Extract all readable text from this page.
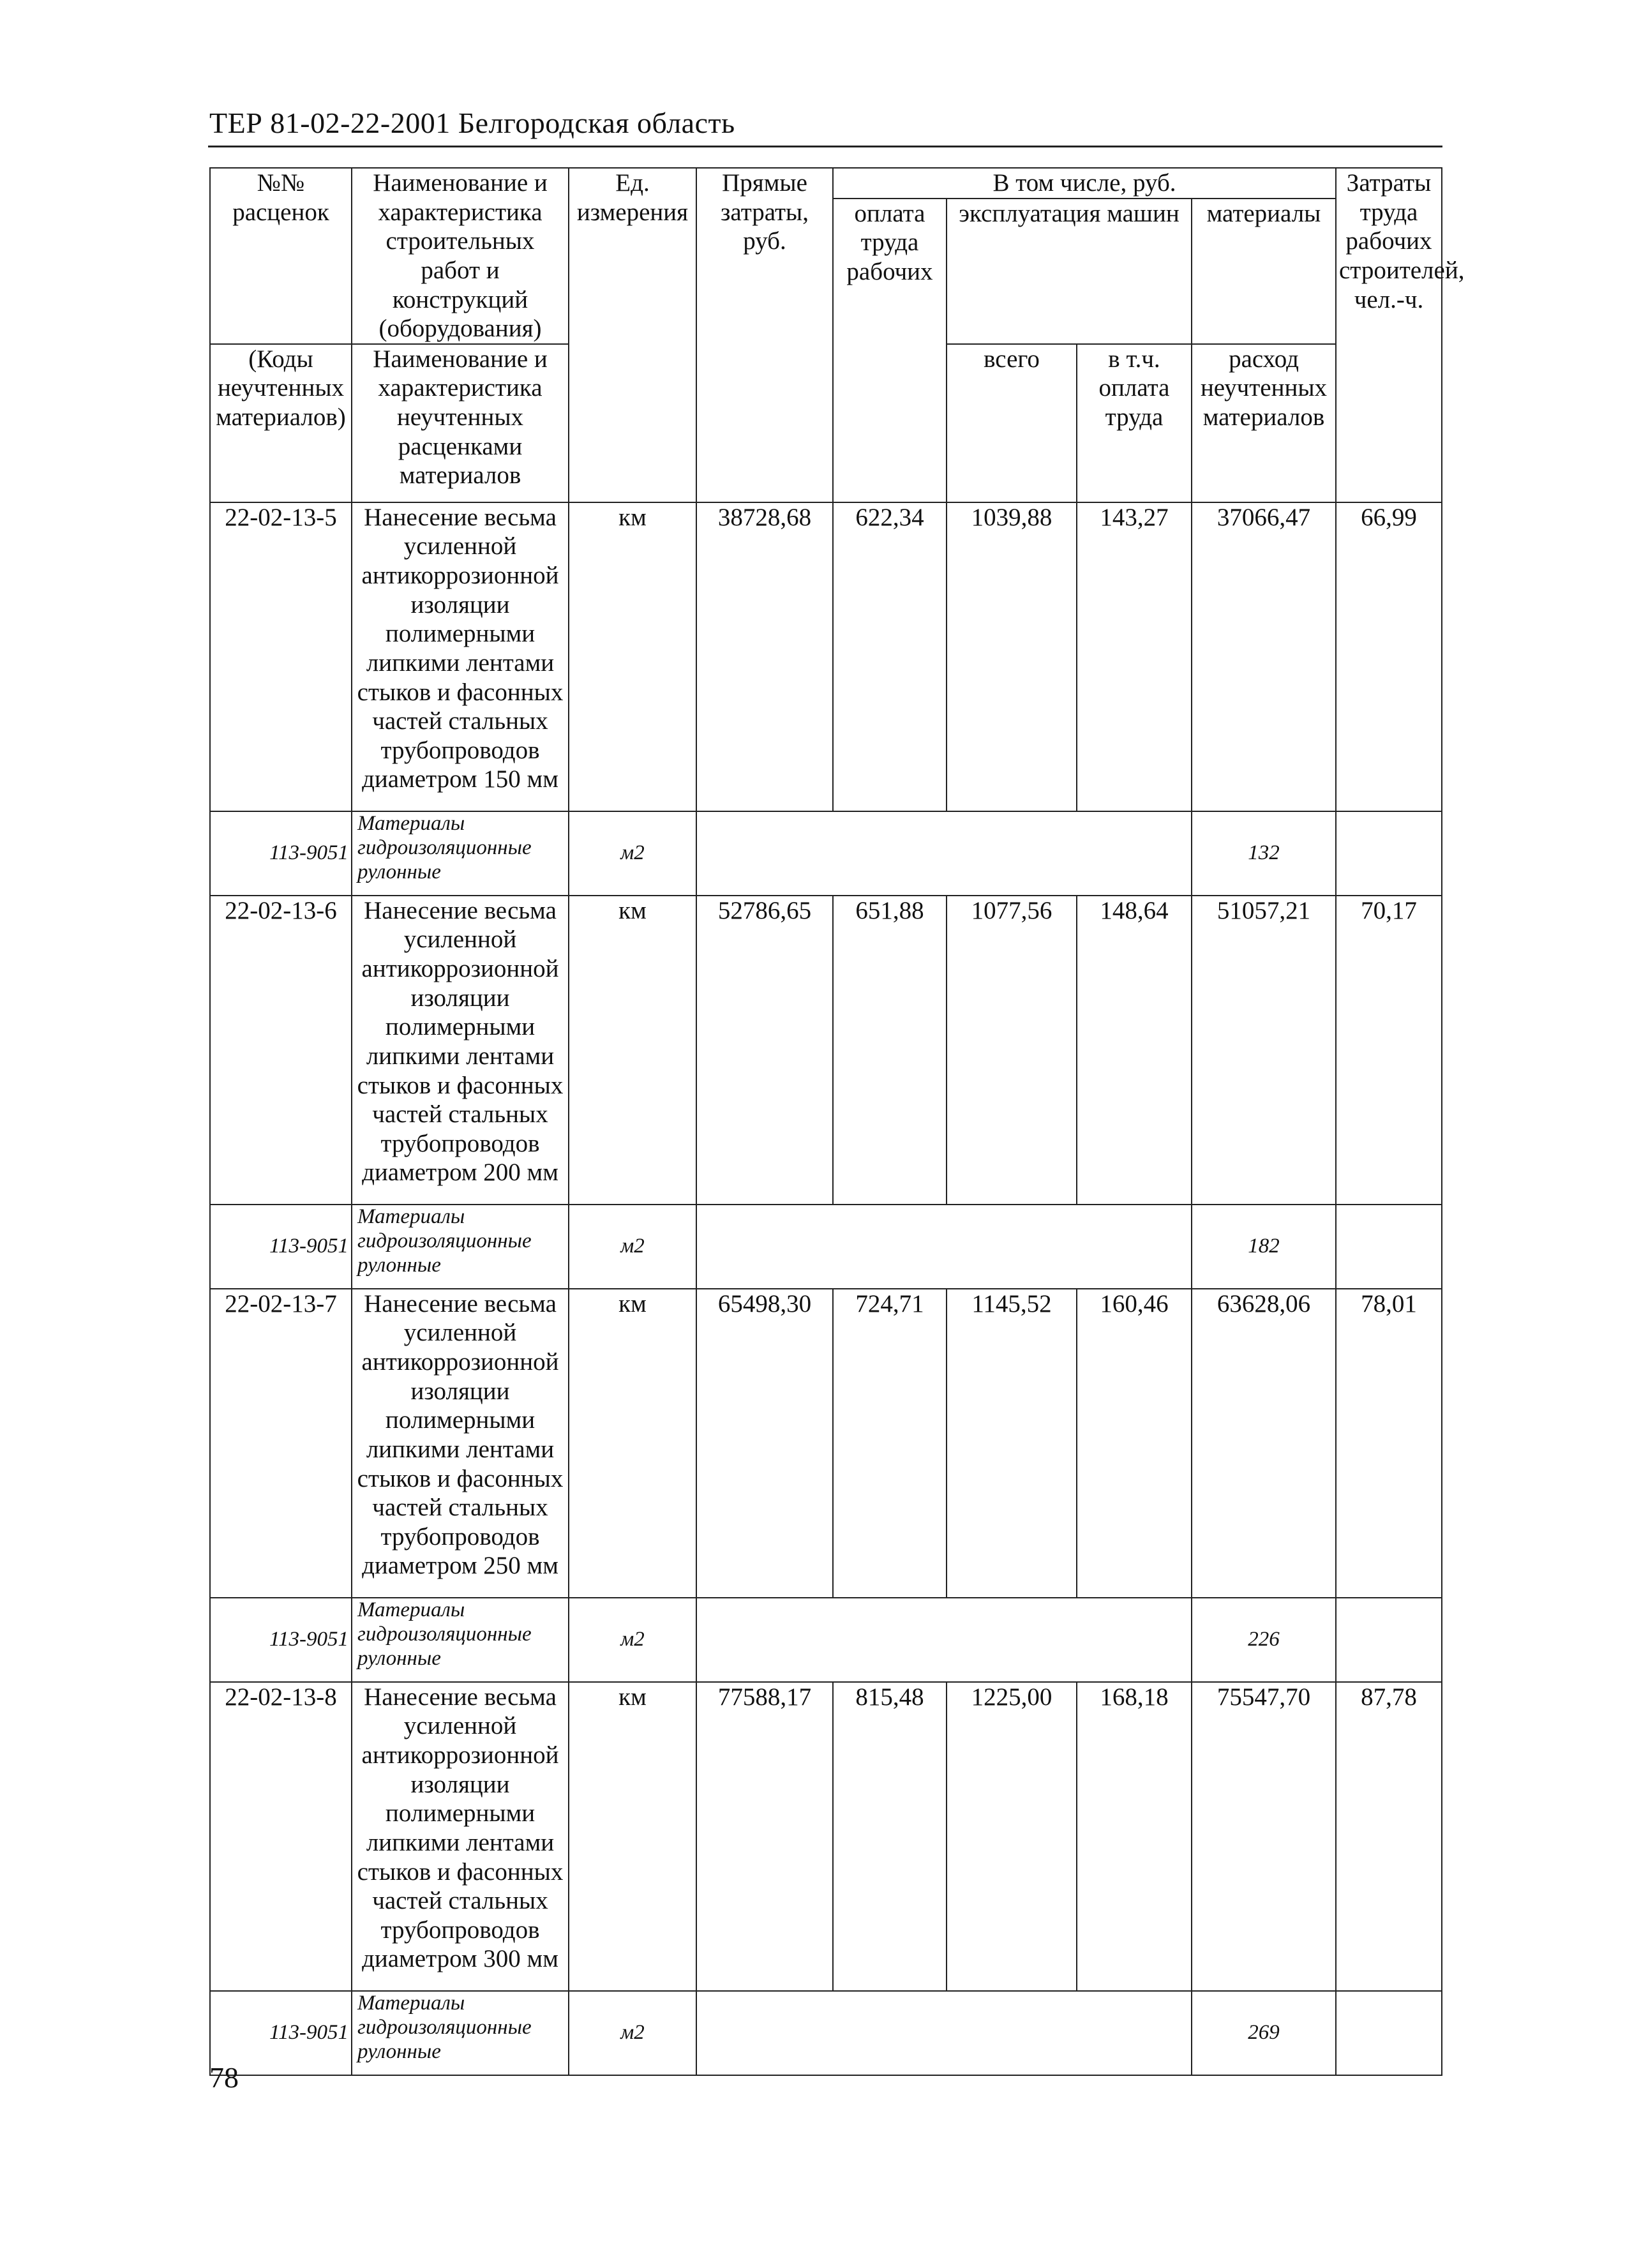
ТЕР 81-02-22-2001 Белгородская область
№№ расценок	Наименование и характеристика строительных работ и конструкций (оборудования)	Ед. измерения	Прямые затраты, руб.	В том числе, руб.				Затраты труда рабочих строителей, чел.-ч.
				оплата труда рабочих	эксплуатация машин		материалы	
(Коды неучтенных материалов)	Наименование и характеристика неучтенных расценками материалов				всего	в т.ч. оплата труда	расход неучтенных материалов	
22-02-13-5	Нанесение весьма усиленной антикоррозионной изоляции полимерными липкими лентами стыков и фасонных частей стальных трубопроводов диаметром 150 мм	км	38728,68	622,34	1039,88	143,27	37066,47	66,99
113-9051	Материалы гидроизоляционные рулонные	м2					132	
22-02-13-6	Нанесение весьма усиленной антикоррозионной изоляции полимерными липкими лентами стыков и фасонных частей стальных трубопроводов диаметром 200 мм	км	52786,65	651,88	1077,56	148,64	51057,21	70,17
113-9051	Материалы гидроизоляционные рулонные	м2					182	
22-02-13-7	Нанесение весьма усиленной антикоррозионной изоляции полимерными липкими лентами стыков и фасонных частей стальных трубопроводов диаметром 250 мм	км	65498,30	724,71	1145,52	160,46	63628,06	78,01
113-9051	Материалы гидроизоляционные рулонные	м2					226	
22-02-13-8	Нанесение весьма усиленной антикоррозионной изоляции полимерными липкими лентами стыков и фасонных частей стальных трубопроводов диаметром 300 мм	км	77588,17	815,48	1225,00	168,18	75547,70	87,78
113-9051	Материалы гидроизоляционные рулонные	м2					269	
78
